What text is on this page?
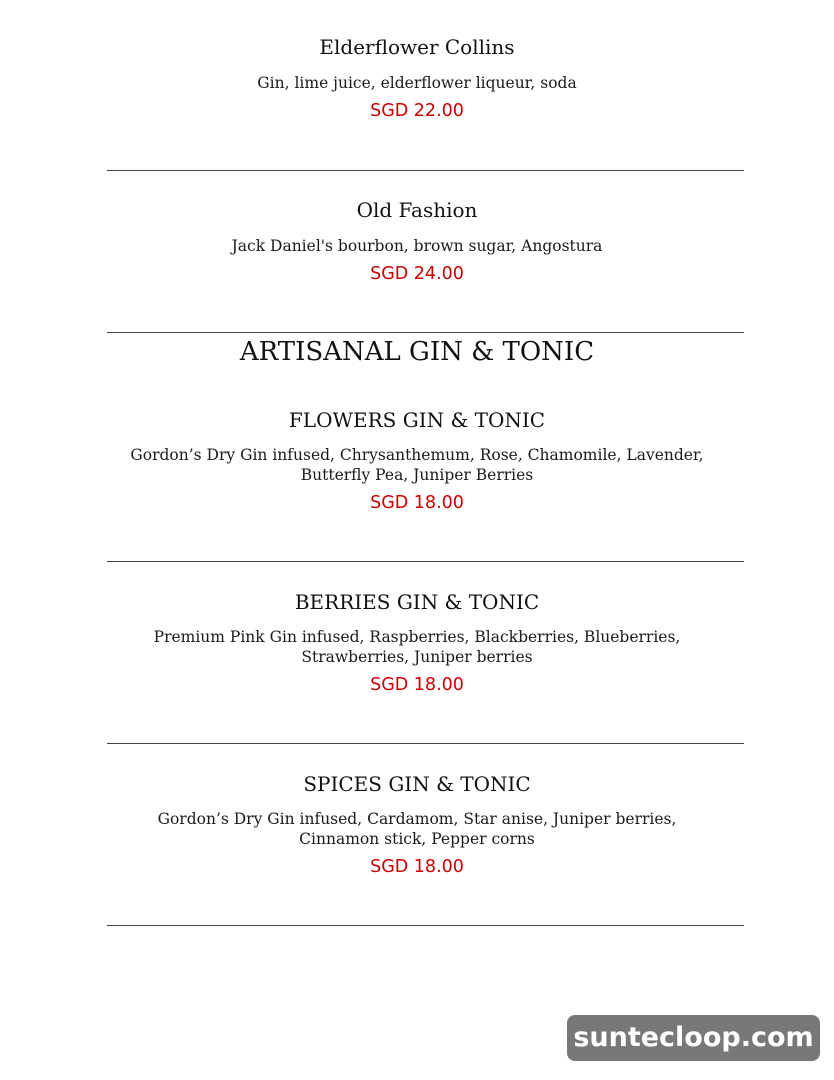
Elderflower Collins
Gin, lime juice, elderflower liqueur, soda
SGD 22.00
Old Fashion
Jack Daniel's bourbon, brown sugar, Angostura
SGD 24.00
ARTISANAL GIN & TONIC
FLOWERS GIN & TONIC
Gordon’s Dry Gin infused, Chrysanthemum, Rose, Chamomile, Lavender, Butterfly Pea, Juniper Berries
SGD 18.00
BERRIES GIN & TONIC
Premium Pink Gin infused, Raspberries, Blackberries, Blueberries, Strawberries, Juniper berries
SGD 18.00
SPICES GIN & TONIC
Gordon’s Dry Gin infused, Cardamom, Star anise, Juniper berries, Cinnamon stick, Pepper corns
SGD 18.00
suntecloop.com
